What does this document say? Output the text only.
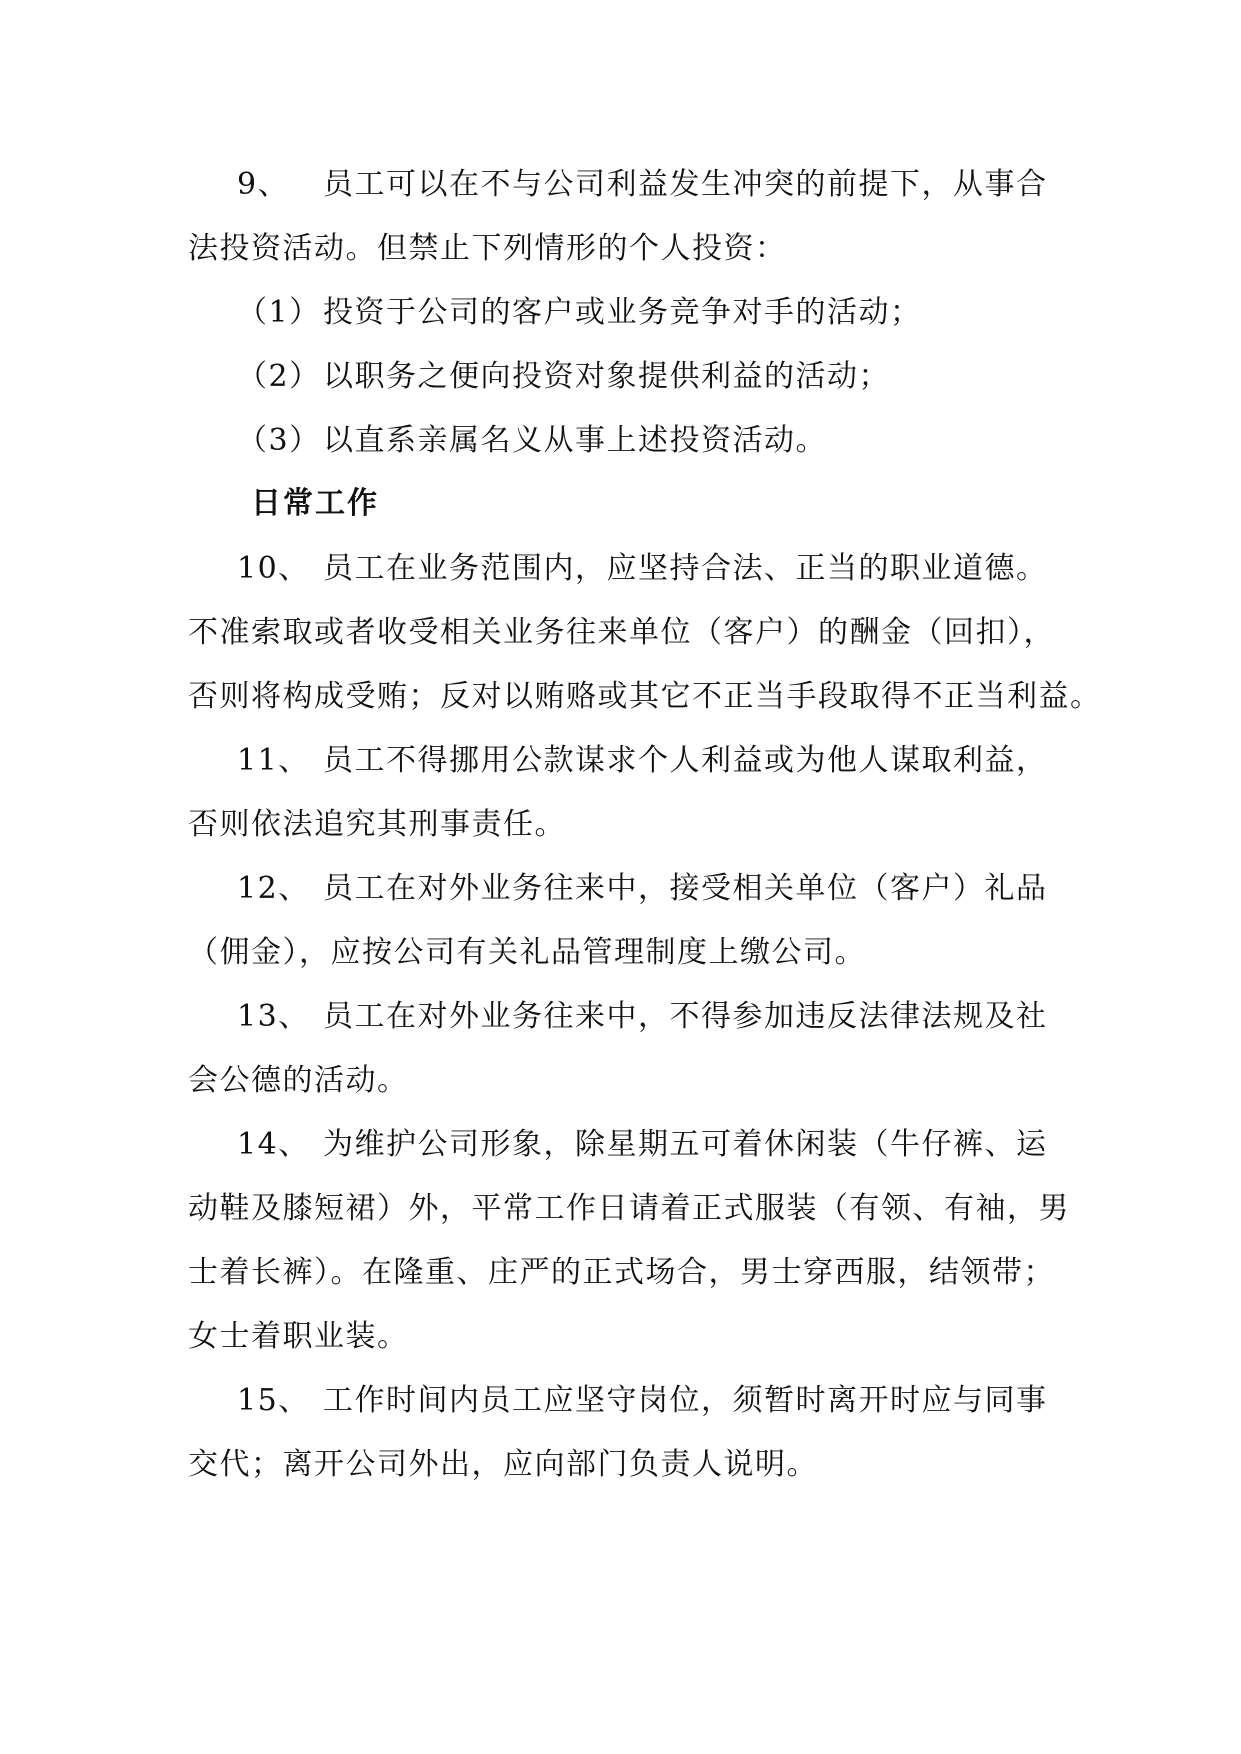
9、 员工可以在不与公司利益发生冲突的前提下，从事合
法投资活动。但禁止下列情形的个人投资：
（1）投资于公司的客户或业务竞争对手的活动；
（2）以职务之便向投资对象提供利益的活动；
（3）以直系亲属名义从事上述投资活动。
日常工作
10、 员工在业务范围内，应坚持合法、正当的职业道德。
不准索取或者收受相关业务往来单位（客户）的酬金（回扣），
否则将构成受贿；反对以贿赂或其它不正当手段取得不正当利益。
11、 员工不得挪用公款谋求个人利益或为他人谋取利益，
否则依法追究其刑事责任。
12、 员工在对外业务往来中，接受相关单位（客户）礼品
（佣金），应按公司有关礼品管理制度上缴公司。
13、 员工在对外业务往来中，不得参加违反法律法规及社
会公德的活动。
14、 为维护公司形象，除星期五可着休闲装（牛仔裤、运
动鞋及膝短裙）外，平常工作日请着正式服装（有领、有袖，男
士着长裤）。在隆重、庄严的正式场合，男士穿西服，结领带；
女士着职业装。
15、 工作时间内员工应坚守岗位，须暂时离开时应与同事
交代；离开公司外出，应向部门负责人说明。
